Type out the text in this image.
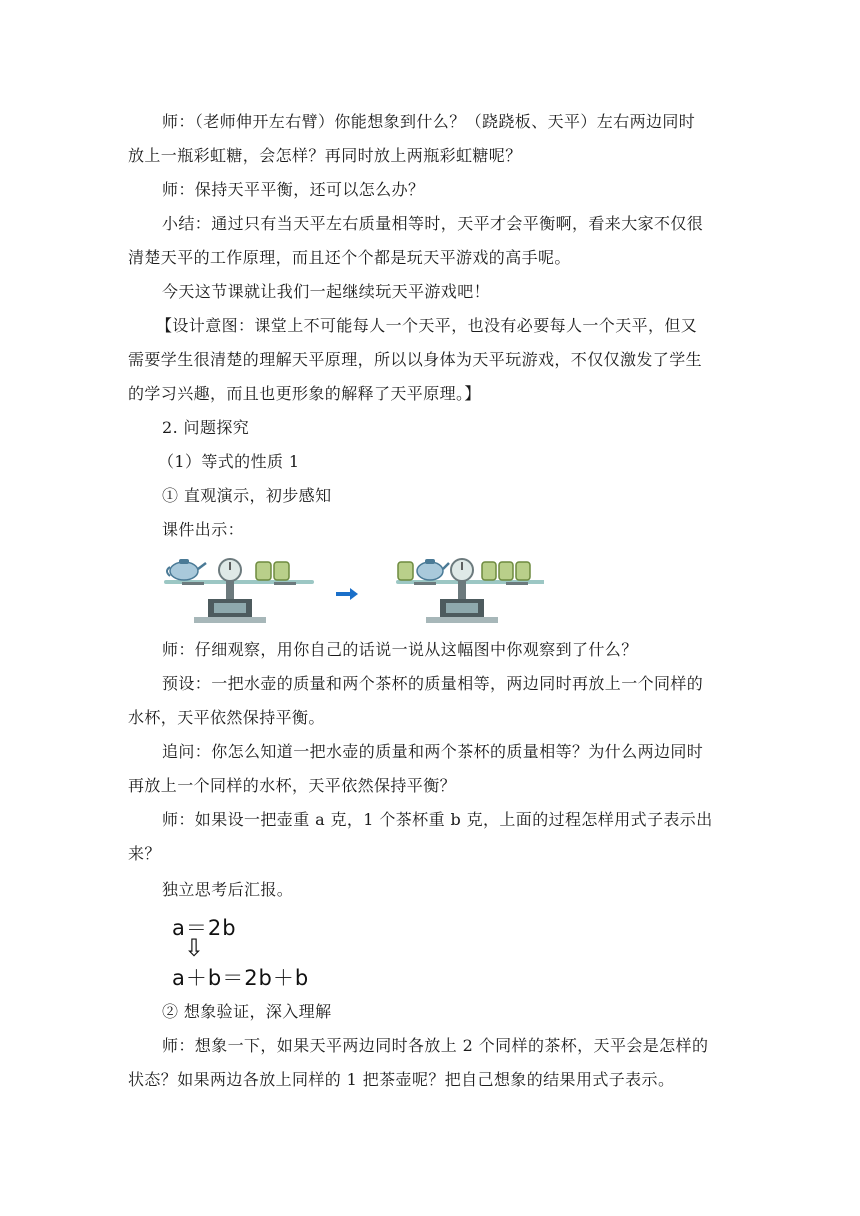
师：（老师伸开左右臂）你能想象到什么？（跷跷板、天平）左右两边同时
放上一瓶彩虹糖，会怎样？再同时放上两瓶彩虹糖呢？
师：保持天平平衡，还可以怎么办？
小结：通过只有当天平左右质量相等时，天平才会平衡啊，看来大家不仅很
清楚天平的工作原理，而且还个个都是玩天平游戏的高手呢。
今天这节课就让我们一起继续玩天平游戏吧！
【设计意图：课堂上不可能每人一个天平，也没有必要每人一个天平，但又
需要学生很清楚的理解天平原理，所以以身体为天平玩游戏，不仅仅激发了学生
的学习兴趣，而且也更形象的解释了天平原理。】
2. 问题探究
（1）等式的性质 1
① 直观演示，初步感知
课件出示：
师：仔细观察，用你自己的话说一说从这幅图中你观察到了什么？
预设：一把水壶的质量和两个茶杯的质量相等，两边同时再放上一个同样的
水杯，天平依然保持平衡。
追问：你怎么知道一把水壶的质量和两个茶杯的质量相等？为什么两边同时
再放上一个同样的水杯，天平依然保持平衡？
师：如果设一把壶重 a 克，1 个茶杯重 b 克，上面的过程怎样用式子表示出
来？
独立思考后汇报。
a＝2b
⇩
a＋b＝2b＋b
② 想象验证，深入理解
师：想象一下，如果天平两边同时各放上 2 个同样的茶杯，天平会是怎样的
状态？如果两边各放上同样的 1 把茶壶呢？把自己想象的结果用式子表示。
